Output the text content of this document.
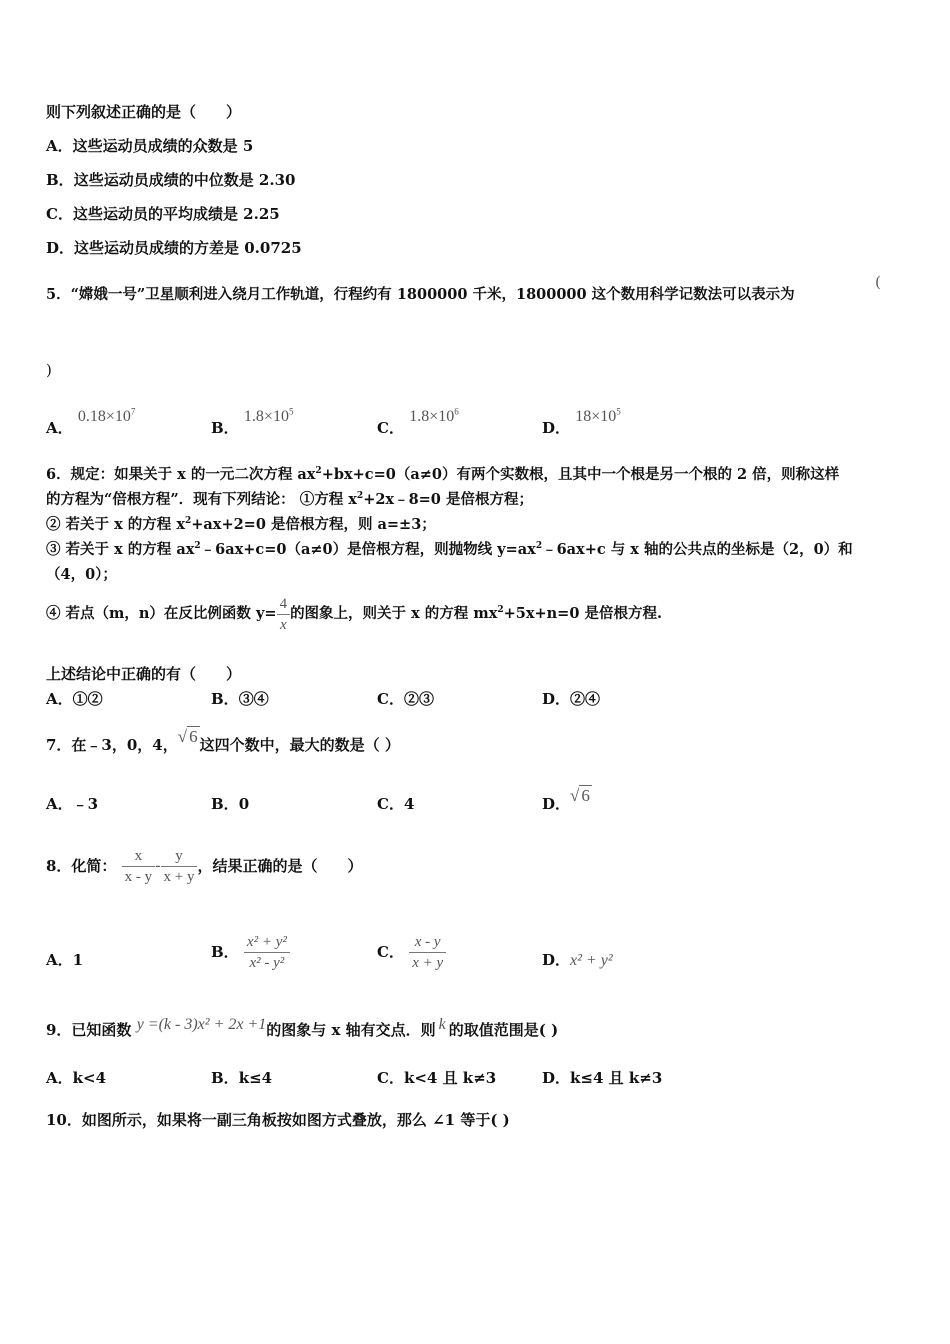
则下列叙述正确的是（　　）
A．这些运动员成绩的众数是 5
B．这些运动员成绩的中位数是 2.30
C．这些运动员的平均成绩是 2.25
D．这些运动员成绩的方差是 0.0725
5．“嫦娥一号”卫星顺利进入绕月工作轨道，行程约有 1800000 千米，1800000 这个数用科学记数法可以表示为
(
)
A． $0.18\times 10^7$
B． $1.8\times 10^5$
C． $1.8\times 10^6$
D． $18\times 10^5$
6．规定：如果关于 x 的一元二次方程 $ax^2+bx+c=0(a\ne 0)$有两个实数根，且其中一个根是另一个根的 2 倍，则称这样
的方程为“倍根方程”．现有下列结论： ①方程 $x^2+2x﹣8=0$ 是倍根方程；
② 若关于 x 的方程 $x^2+ax+2=0$ 是倍根方程，则 a=±3；
③ 若关于 x 的方程 $ax^2﹣6ax+c=0(a\ne 0)$是倍根方程，则抛物线 $y=ax^2﹣6ax+c$ 与 x 轴的公共点的坐标是（2，0）和
（4，0）；
④ 若点（m，n）在反比例函数 $y= \frac{4}{x}$ 的图象上，则关于 x 的方程 $mx^2+5x+n=0$ 是倍根方程.
上述结论中正确的有（　　）
A．①②	B．③④	C．②③	D．②④
7．在﹣3，0，4，√ 6 这四个数中，最大的数是（ ）
A．﹣3	B．0	C．4	D．√ 6
8．化简： $\frac{x}{x - y} - \frac{y}{x + y}$ ，结果正确的是（　　）
A．1	B． $\frac{\text{x² + y²}}{\text{x² - y²}}$	C． $\frac{x - y}{x + y}$	D．x² + y²
9．已知函数 y =(k - 3)x² + 2x +1的图象与 x 轴有交点．则 k 的取值范围是( )
A．k<4	B．k≤4	C．k<4 且 k≠3	D．k≤4 且 k≠3
10．如图所示，如果将一副三角板按如图方式叠放，那么 ∠1 等于( )
